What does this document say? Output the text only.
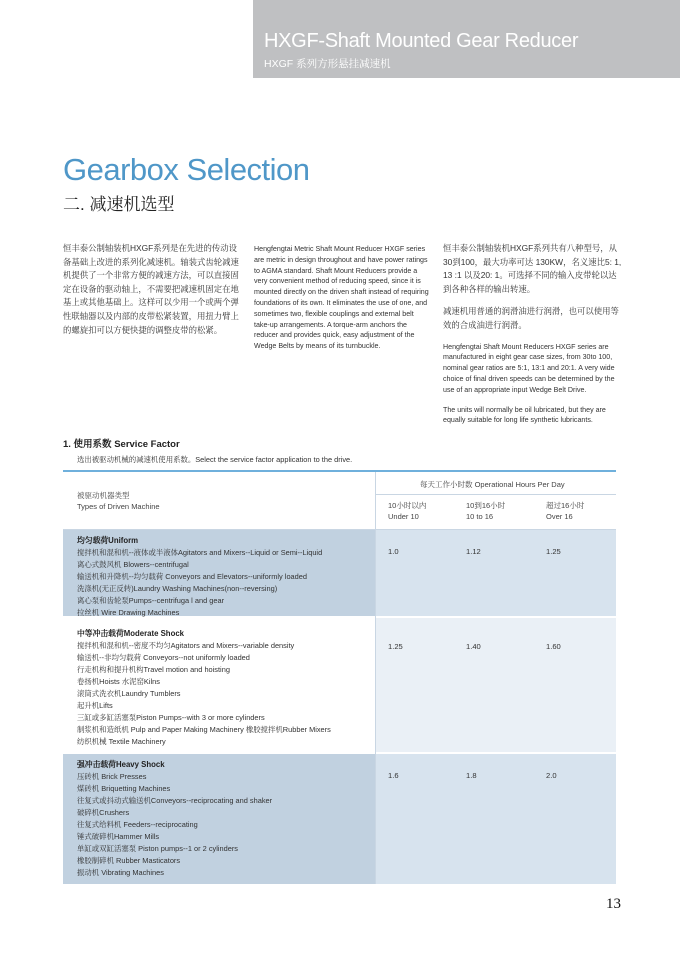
HXGF-Shaft Mounted Gear Reducer
HXGF 系列方形悬挂减速机
Gearbox Selection
二. 减速机选型
恒丰泰公制轴装机HXGF系列是在先进的传动设备基础上改进的系列化减速机。轴装式齿轮减速机提供了一个非常方便的减速方法，可以直接固定在设备的驱动轴上，不需要把减速机固定在地基上或其他基础上。这样可以少用一个或两个弹性联轴器以及内部的皮带松紧装置，用扭力臂上的螺旋扣可以方便快捷的调整皮带的松紧。
Hengfengtai Metric Shaft Mount Reducer HXGF series are metric in design throughout and have power ratings to AGMA standard. Shaft Mount Reducers provide a very convenient method of reducing speed, since it is mounted directly on the driven shaft instead of requiring foundations of its own. It eliminates the use of one, and sometimes two, flexible couplings and external belt take-up arrangements. A torque-arm anchors the reducer and provides quick, easy adjustment of the Wedge Belts by means of its turnbuckle.

恒丰泰公制轴装机HXGF系列共有八种型号，从30到100，最大功率可达 130KW，名义速比5: 1, 13 :1 以及20: 1。可选择不同的输入皮带轮以达到各种各样的输出转速。

减速机用普通的润滑油进行润滑，也可以使用等效的合成油进行润滑。

Hengfengtai Shaft Mount Reducers HXGF series are manufactured in eight gear case sizes, from 30to 100, nominal gear ratios are 5:1, 13:1 and 20:1. A very wide choice of final driven speeds can be determined by the use of an appropriate input Wedge Belt Drive.

The units will normally be oil lubricated, but they are equally suitable for long life synthetic lubricants.

1. 使用系数 Service Factor
选出被驱动机械的减速机使用系数。Select the service factor application to the drive.
被驱动机器类型
Types of Driven Machine
每天工作小时数 Operational Hours Per Day
10小时以内
Under 10
10到16小时
10 to 16
超过16小时
Over 16
均匀载荷Uniform
搅拌机和混和机--液体或半液体Agitators and Mixers--Liquid or Semi--Liquid
离心式鼓风机 Blowers--centrifugal
输送机和升降机--均匀载荷 Conveyors and Elevators--uniformly loaded
洗涤机(无正反转)Laundry Washing Machines(non--reversing)
离心泵和齿轮泵Pumps--centrifuga l and gear
拉丝机 Wire Drawing Machines
1.0	1.12	1.25
中等冲击载荷Moderate Shock
搅拌机和混和机--密度不均匀Agitators and Mixers--variable density
输送机--非均匀载荷 Conveyors--not uniformly loaded
行走机构和提升机构Travel motion and hoisting
卷扬机Hoists 水泥窑Kilns
滚筒式洗衣机Laundry Tumblers
起升机Lifts
三缸或多缸活塞泵Piston Pumps--with 3 or more cylinders
制浆机和造纸机 Pulp and Paper Making Machinery 橡胶搅拌机Rubber Mixers
纺织机械 Textile Machinery
1.25	1.40	1.60
强冲击载荷Heavy Shock
压砖机 Brick Presses
煤砖机 Briquetting Machines
往复式或抖动式输送机Conveyors--reciprocating and shaker
破碎机Crushers
往复式给料机 Feeders--reciprocating
锤式破碎机Hammer Mills
单缸或双缸活塞泵 Piston pumps--1 or 2 cylinders
橡胶制碎机 Rubber Masticators
振动机 Vibrating Machines
1.6	1.8	2.0
13
